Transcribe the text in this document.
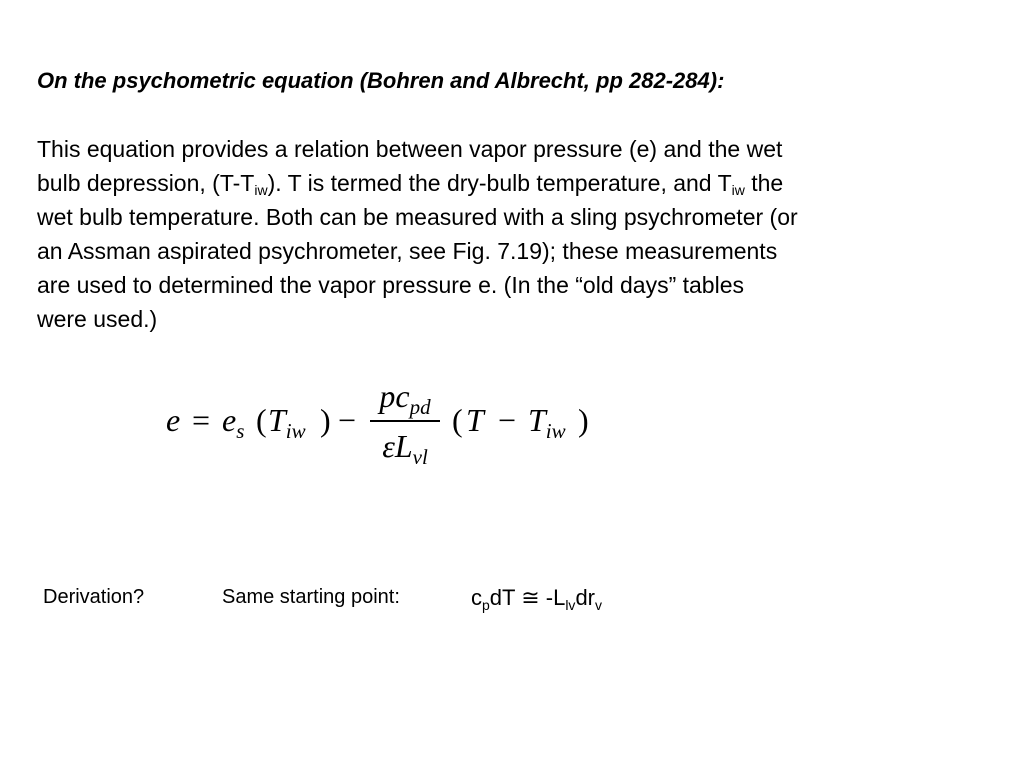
On the psychometric equation (Bohren and Albrecht, pp 282-284):

This equation provides a relation between vapor pressure (e) and the wet
bulb depression, $(T-T_{iw})$. T is termed the dry-bulb temperature, and $T_{iw}$ the
wet bulb temperature. Both can be measured with a sling psychrometer (or
an Assman aspirated psychrometer, see Fig. 7.19); these measurements
are used to determined the vapor pressure e. (In the “old days” tables
were used.)

$e = e_s$ ( $T_{iw}$ ) −
$pc_{pd}$
$\varepsilon L_{vl}$
( $T - T_{iw}$ )
Derivation?	Same starting point:	$c_pdT$ ≅ $-L_{lv}dr_v$
